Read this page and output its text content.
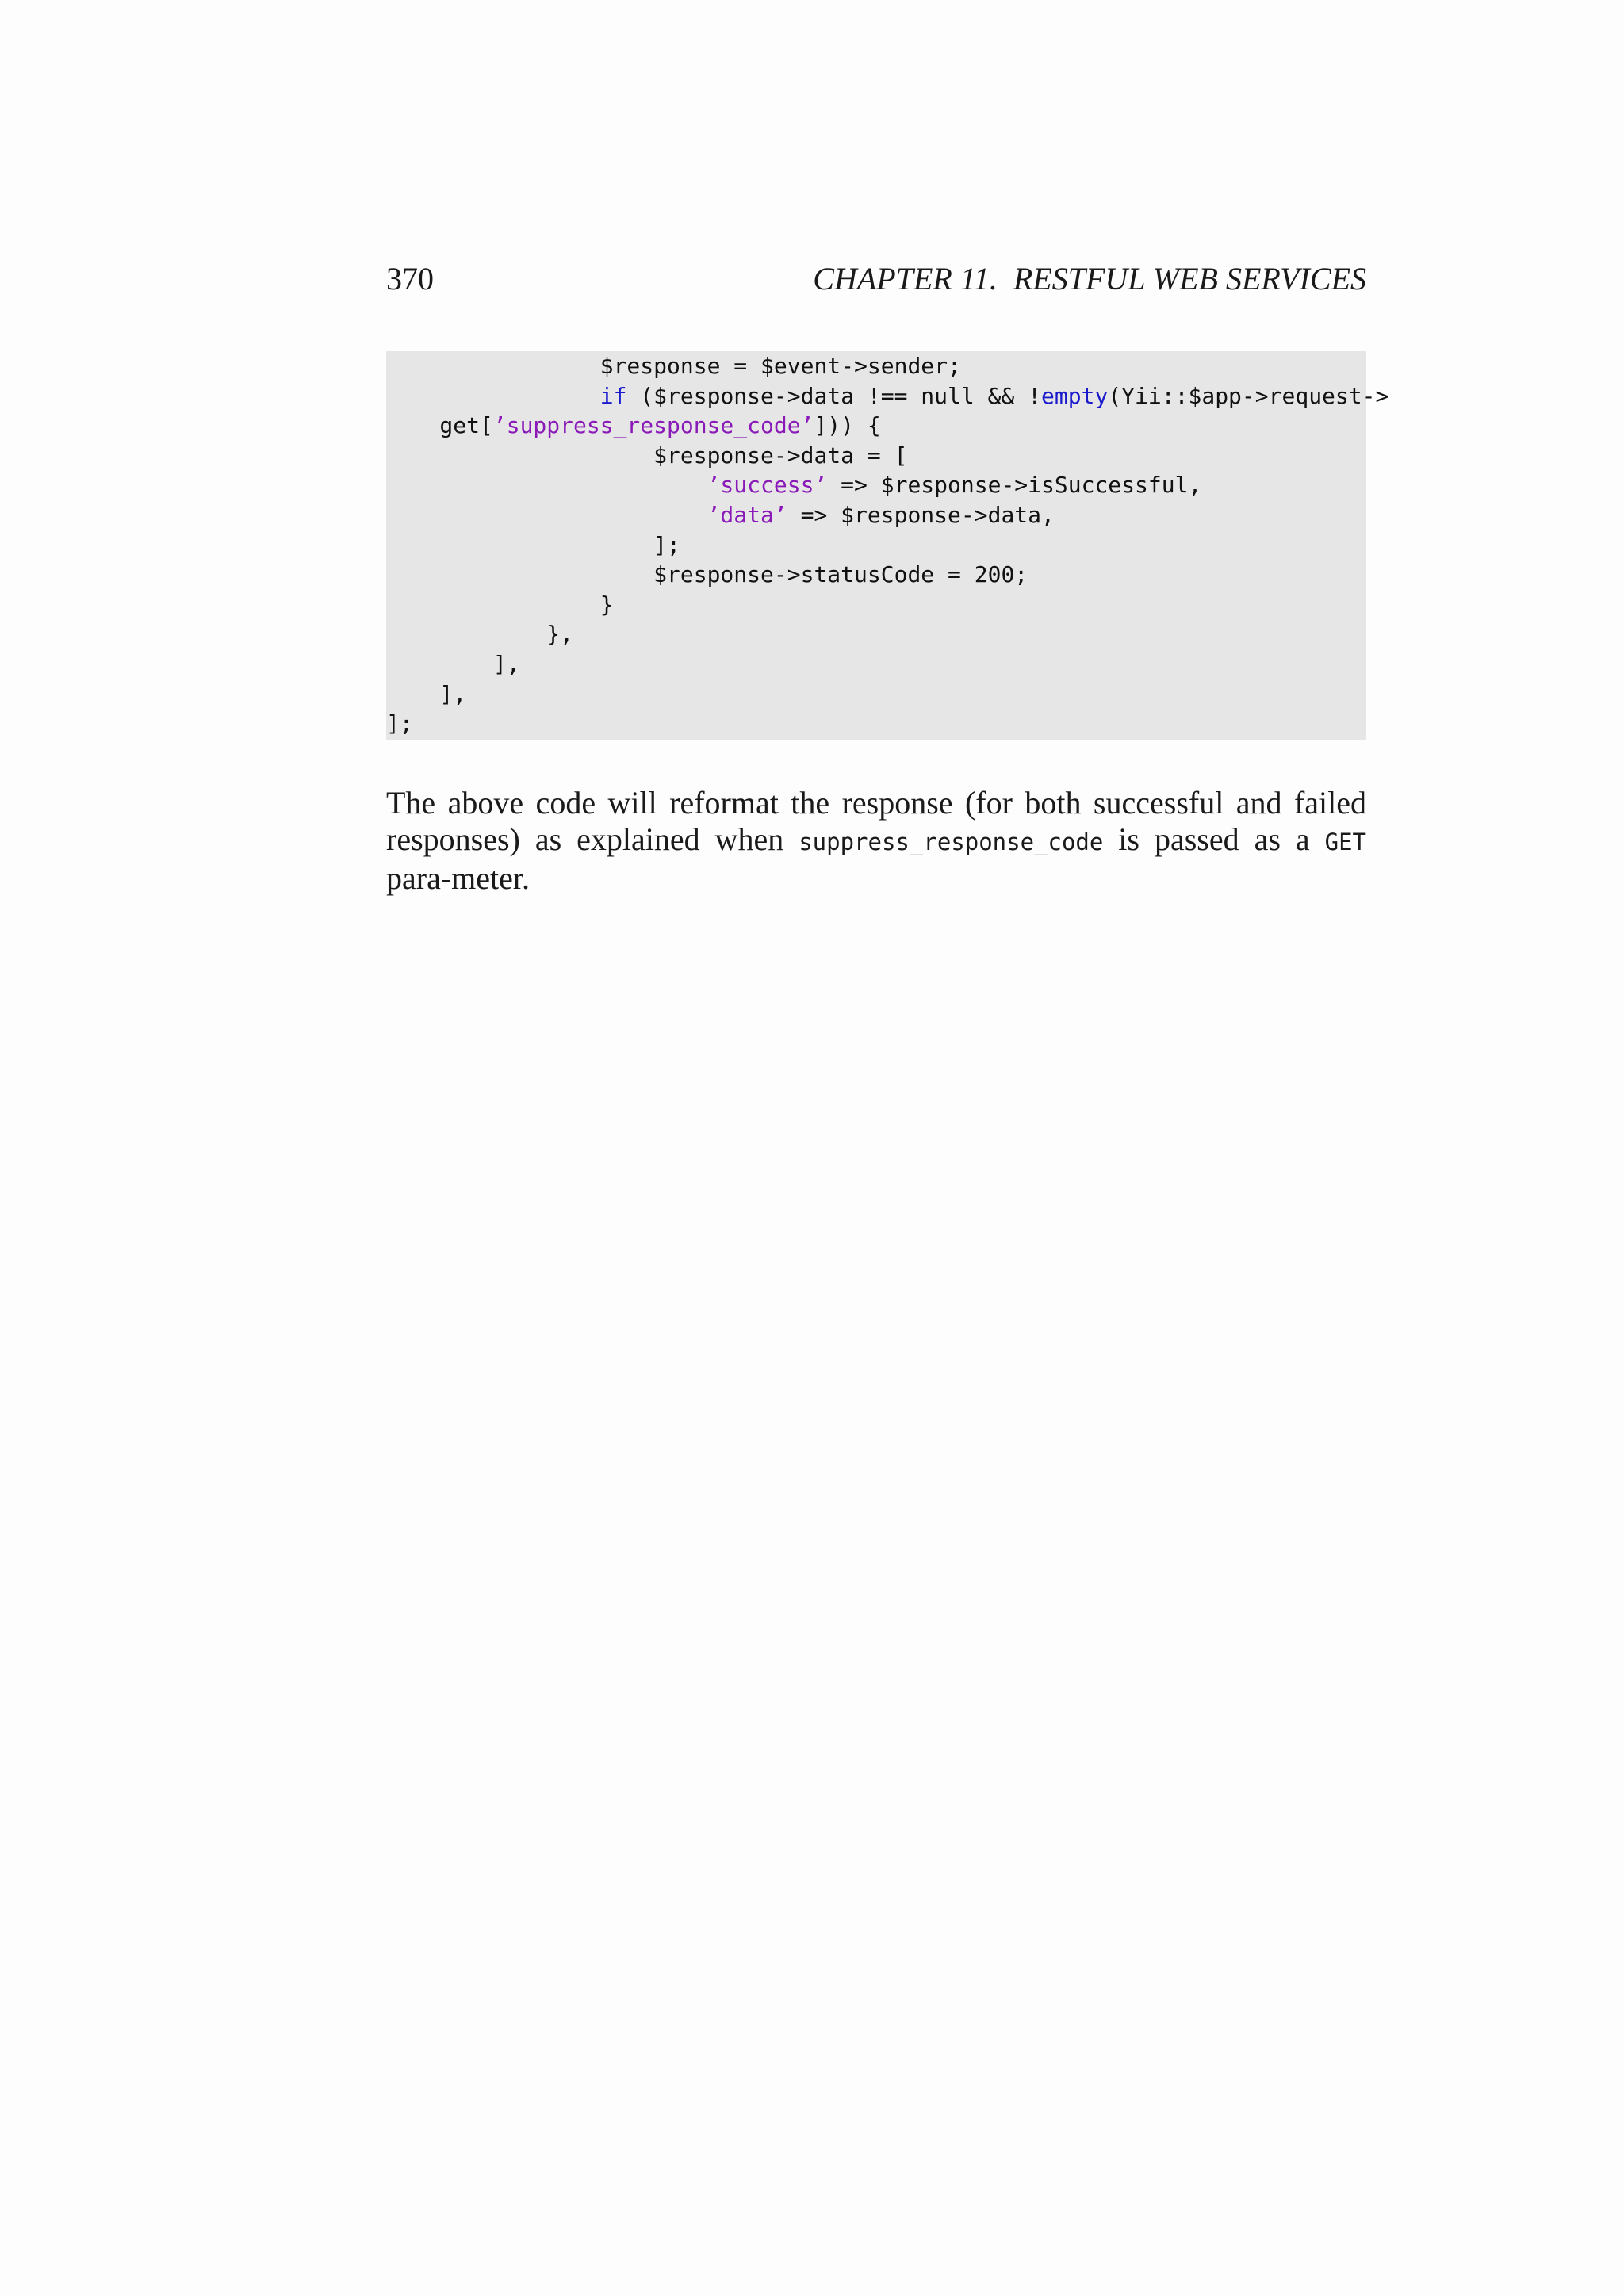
370	CHAPTER 11.  RESTFUL WEB SERVICES
$response = $event->sender;
if ($response->data !== null && !empty(Yii::$app->request->
get[’suppress_response_code’])) {
$response->data = [
’success’ => $response->isSuccessful,
’data’ => $response->data,
];
$response->statusCode = 200;
}
},
],
],
];

The above code will reformat the response (for both successful and failed responses) as explained when suppress_response_code is passed as a GET para-meter.
